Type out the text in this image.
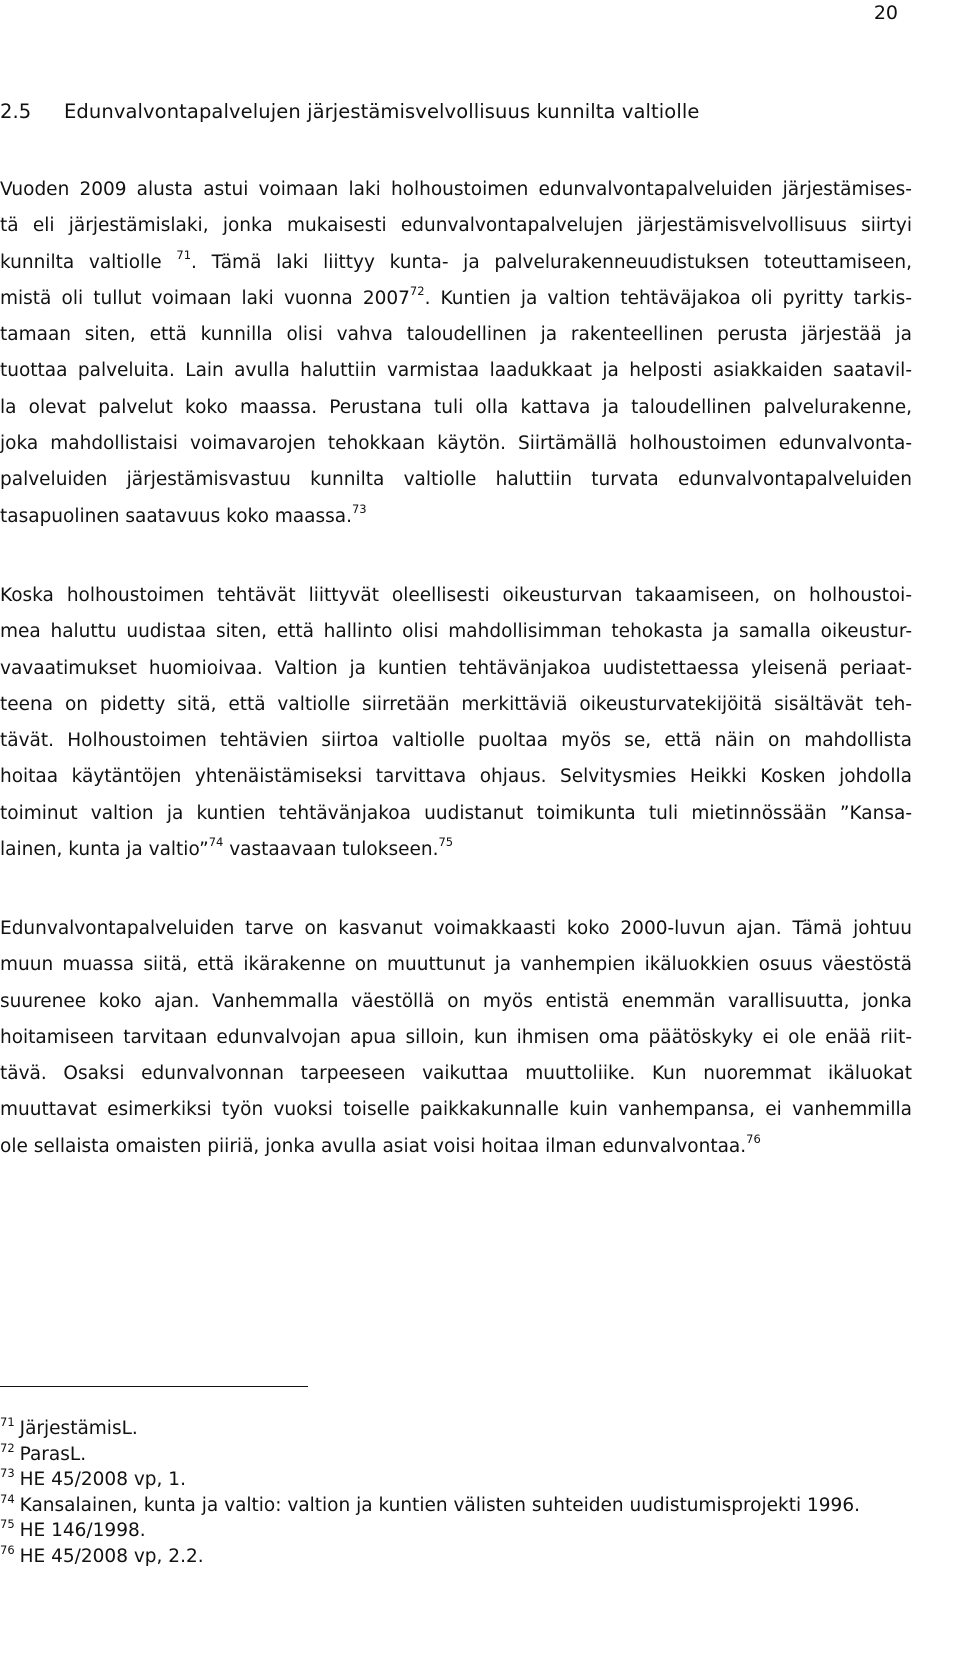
20
2.5 Edunvalvontapalvelujen järjestämisvelvollisuus kunnilta valtiolle
Vuoden 2009 alusta astui voimaan laki holhoustoimen edunvalvontapalveluiden järjestämises-
tä eli järjestämislaki, jonka mukaisesti edunvalvontapalvelujen järjestämisvelvollisuus siirtyi
kunnilta valtiolle $^{71}$. Tämä laki liittyy kunta- ja palvelurakenneuudistuksen toteuttamiseen,
mistä oli tullut voimaan laki vuonna 2007$^{72}$. Kuntien ja valtion tehtäväjakoa oli pyritty tarkis-
tamaan siten, että kunnilla olisi vahva taloudellinen ja rakenteellinen perusta järjestää ja
tuottaa palveluita. Lain avulla haluttiin varmistaa laadukkaat ja helposti asiakkaiden saatavil-
la olevat palvelut koko maassa. Perustana tuli olla kattava ja taloudellinen palvelurakenne,
joka mahdollistaisi voimavarojen tehokkaan käytön. Siirtämällä holhoustoimen edunvalvonta-
palveluiden järjestämisvastuu kunnilta valtiolle haluttiin turvata edunvalvontapalveluiden
tasapuolinen saatavuus koko maassa.$^{73}$
Koska holhoustoimen tehtävät liittyvät oleellisesti oikeusturvan takaamiseen, on holhoustoi-
mea haluttu uudistaa siten, että hallinto olisi mahdollisimman tehokasta ja samalla oikeustur-
vavaatimukset huomioivaa. Valtion ja kuntien tehtävänjakoa uudistettaessa yleisenä periaat-
teena on pidetty sitä, että valtiolle siirretään merkittäviä oikeusturvatekijöitä sisältävät teh-
tävät. Holhoustoimen tehtävien siirtoa valtiolle puoltaa myös se, että näin on mahdollista
hoitaa käytäntöjen yhtenäistämiseksi tarvittava ohjaus. Selvitysmies Heikki Kosken johdolla
toiminut valtion ja kuntien tehtävänjakoa uudistanut toimikunta tuli mietinnössään ”Kansa-
lainen, kunta ja valtio”$^{74}$ vastaavaan tulokseen.$^{75}$
Edunvalvontapalveluiden tarve on kasvanut voimakkaasti koko 2000-luvun ajan. Tämä johtuu
muun muassa siitä, että ikärakenne on muuttunut ja vanhempien ikäluokkien osuus väestöstä
suurenee koko ajan. Vanhemmalla väestöllä on myös entistä enemmän varallisuutta, jonka
hoitamiseen tarvitaan edunvalvojan apua silloin, kun ihmisen oma päätöskyky ei ole enää riit-
tävä. Osaksi edunvalvonnan tarpeeseen vaikuttaa muuttoliike. Kun nuoremmat ikäluokat
muuttavat esimerkiksi työn vuoksi toiselle paikkakunnalle kuin vanhempansa, ei vanhemmilla
ole sellaista omaisten piiriä, jonka avulla asiat voisi hoitaa ilman edunvalvontaa.$^{76}$
$^{71}$ JärjestämisL.
$^{72}$ ParasL.
$^{73}$ HE 45/2008 vp, 1.
$^{74}$ Kansalainen, kunta ja valtio: valtion ja kuntien välisten suhteiden uudistumisprojekti 1996.
$^{75}$ HE 146/1998.
$^{76}$ HE 45/2008 vp, 2.2.
